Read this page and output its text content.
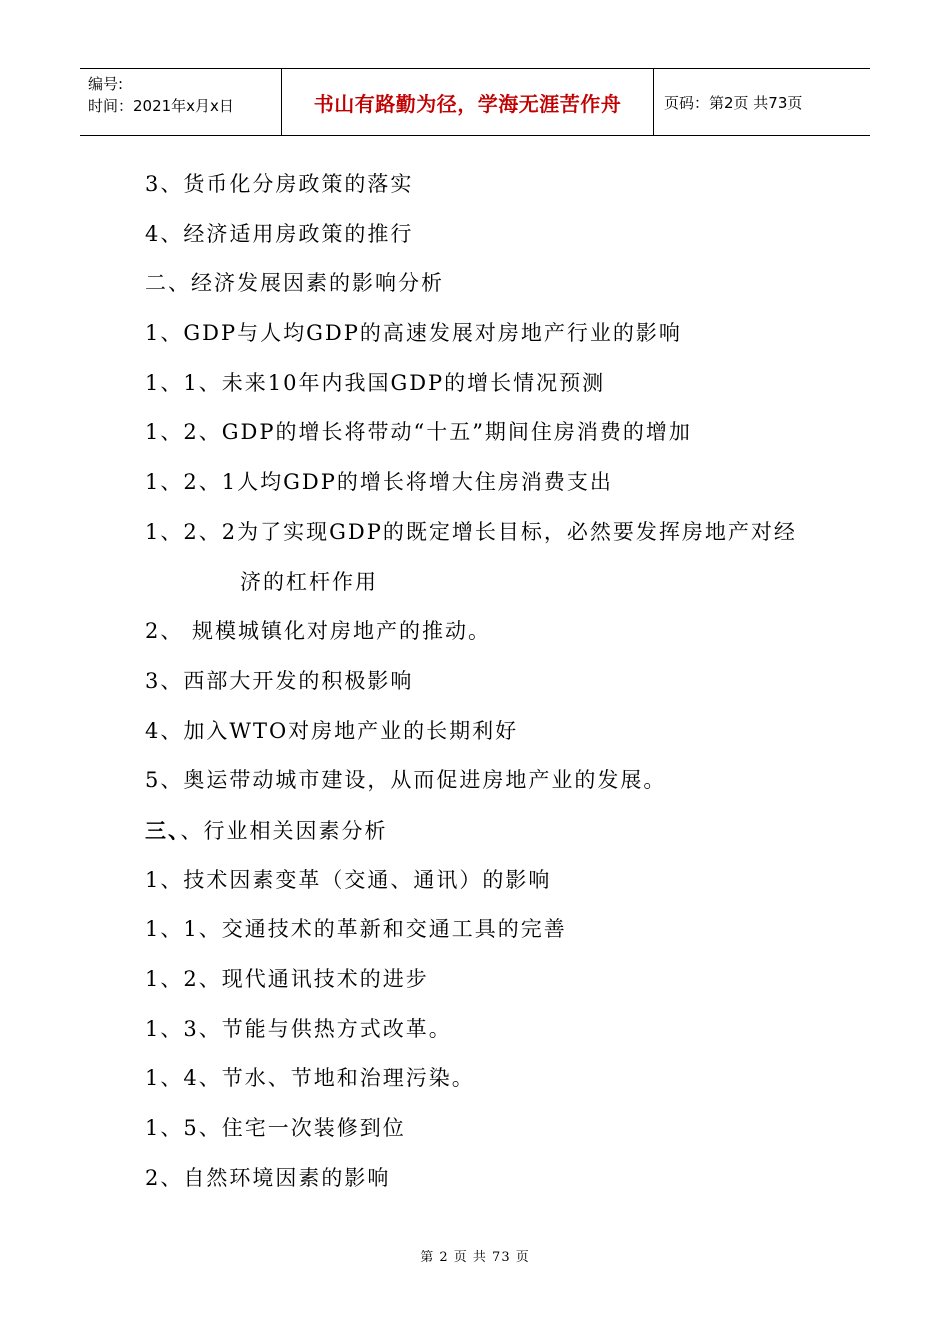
编号:
时间：2021年x月x日	书山有路勤为径，学海无涯苦作舟	页码：第2页 共73页
3、货币化分房政策的落实
4、经济适用房政策的推行
二、经济发展因素的影响分析
1、GDP与人均GDP的高速发展对房地产行业的影响
1、1、未来10年内我国GDP的增长情况预测
1、2、GDP的增长将带动“十五”期间住房消费的增加
1、2、1人均GDP的增长将增大住房消费支出
1、2、2为了实现GDP的既定增长目标，必然要发挥房地产对经
济的杠杆作用
2、 规模城镇化对房地产的推动。
3、西部大开发的积极影响
4、加入WTO对房地产业的长期利好
5、奥运带动城市建设，从而促进房地产业的发展。
三、、行业相关因素分析
1、技术因素变革（交通、通讯）的影响
1、1、交通技术的革新和交通工具的完善
1、2、现代通讯技术的进步
1、3、节能与供热方式改革。
1、4、节水、节地和治理污染。
1、5、住宅一次装修到位
2、自然环境因素的影响
第 2 页 共 73 页
